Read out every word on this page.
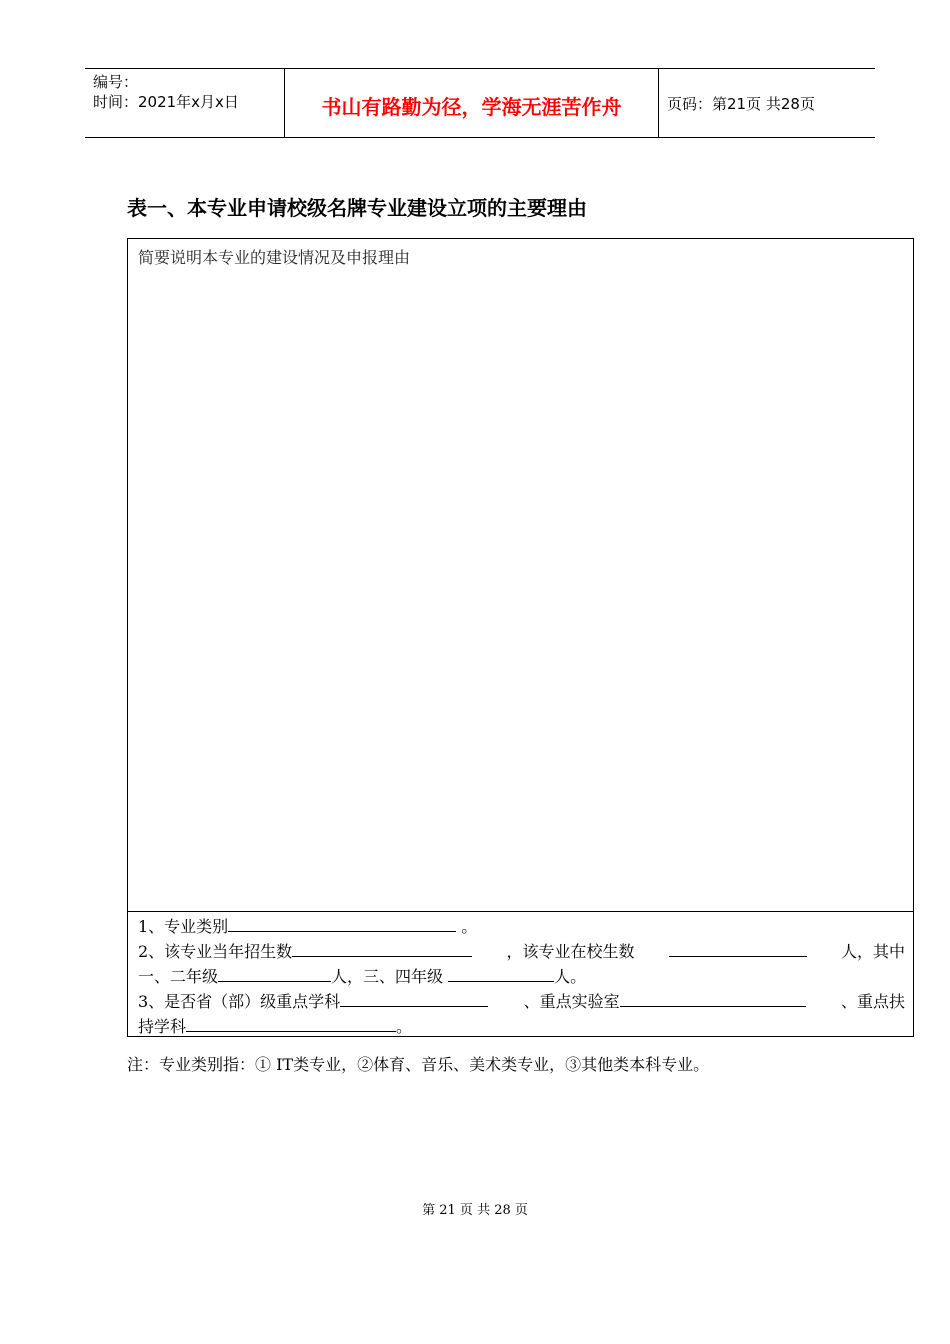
编号：
时间：2021年x月x日	书山有路勤为径，学海无涯苦作舟	页码：第21页 共28页
表一、本专业申请校级名牌专业建设立项的主要理由
简要说明本专业的建设情况及申报理由
1、专业类别	。
2、该专业当年招生数	，该专业在校生数	人，其中
一、二年级	人，三、四年级	人。
3、是否省（部）级重点学科	、重点实验室	、重点扶
持学科	。
注：专业类别指：① IT类专业，②体育、音乐、美术类专业，③其他类本科专业。
第 21 页 共 28 页
